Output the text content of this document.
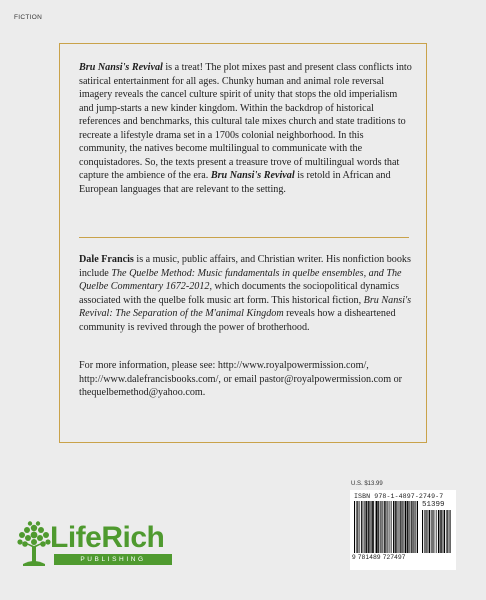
FICTION
Bru Nansi's Revival is a treat! The plot mixes past and present class conflicts into satirical entertainment for all ages. Chunky human and animal role reversal imagery reveals the cancel culture spirit of unity that stops the old imperialism and jump-starts a new kinder kingdom. Within the backdrop of historical references and benchmarks, this cultural tale mixes church and state traditions to recreate a lifestyle drama set in a 1700s colonial neighborhood. In this community, the natives become multilingual to communicate with the conquistadores. So, the texts present a treasure trove of multilingual words that capture the ambience of the era. Bru Nansi's Revival is retold in African and European languages that are relevant to the setting.
Dale Francis is a music, public affairs, and Christian writer. His nonfiction books include The Quelbe Method: Music fundamentals in quelbe ensembles, and The Quelbe Commentary 1672-2012, which documents the sociopolitical dynamics associated with the quelbe folk music art form. This historical fiction, Bru Nansi's Revival: The Separation of the M'animal Kingdom reveals how a disheartened community is revived through the power of brotherhood.
For more information, please see: http://www.royalpowermission.com/, http://www.dalefrancisbooks.com/, or email pastor@royalpowermission.com or thequelbemethod@yahoo.com.
LifeRich
PUBLISHING
U.S. $13.99
ISBN 978-1-4897-2749-7
51399
9 781489 727497
